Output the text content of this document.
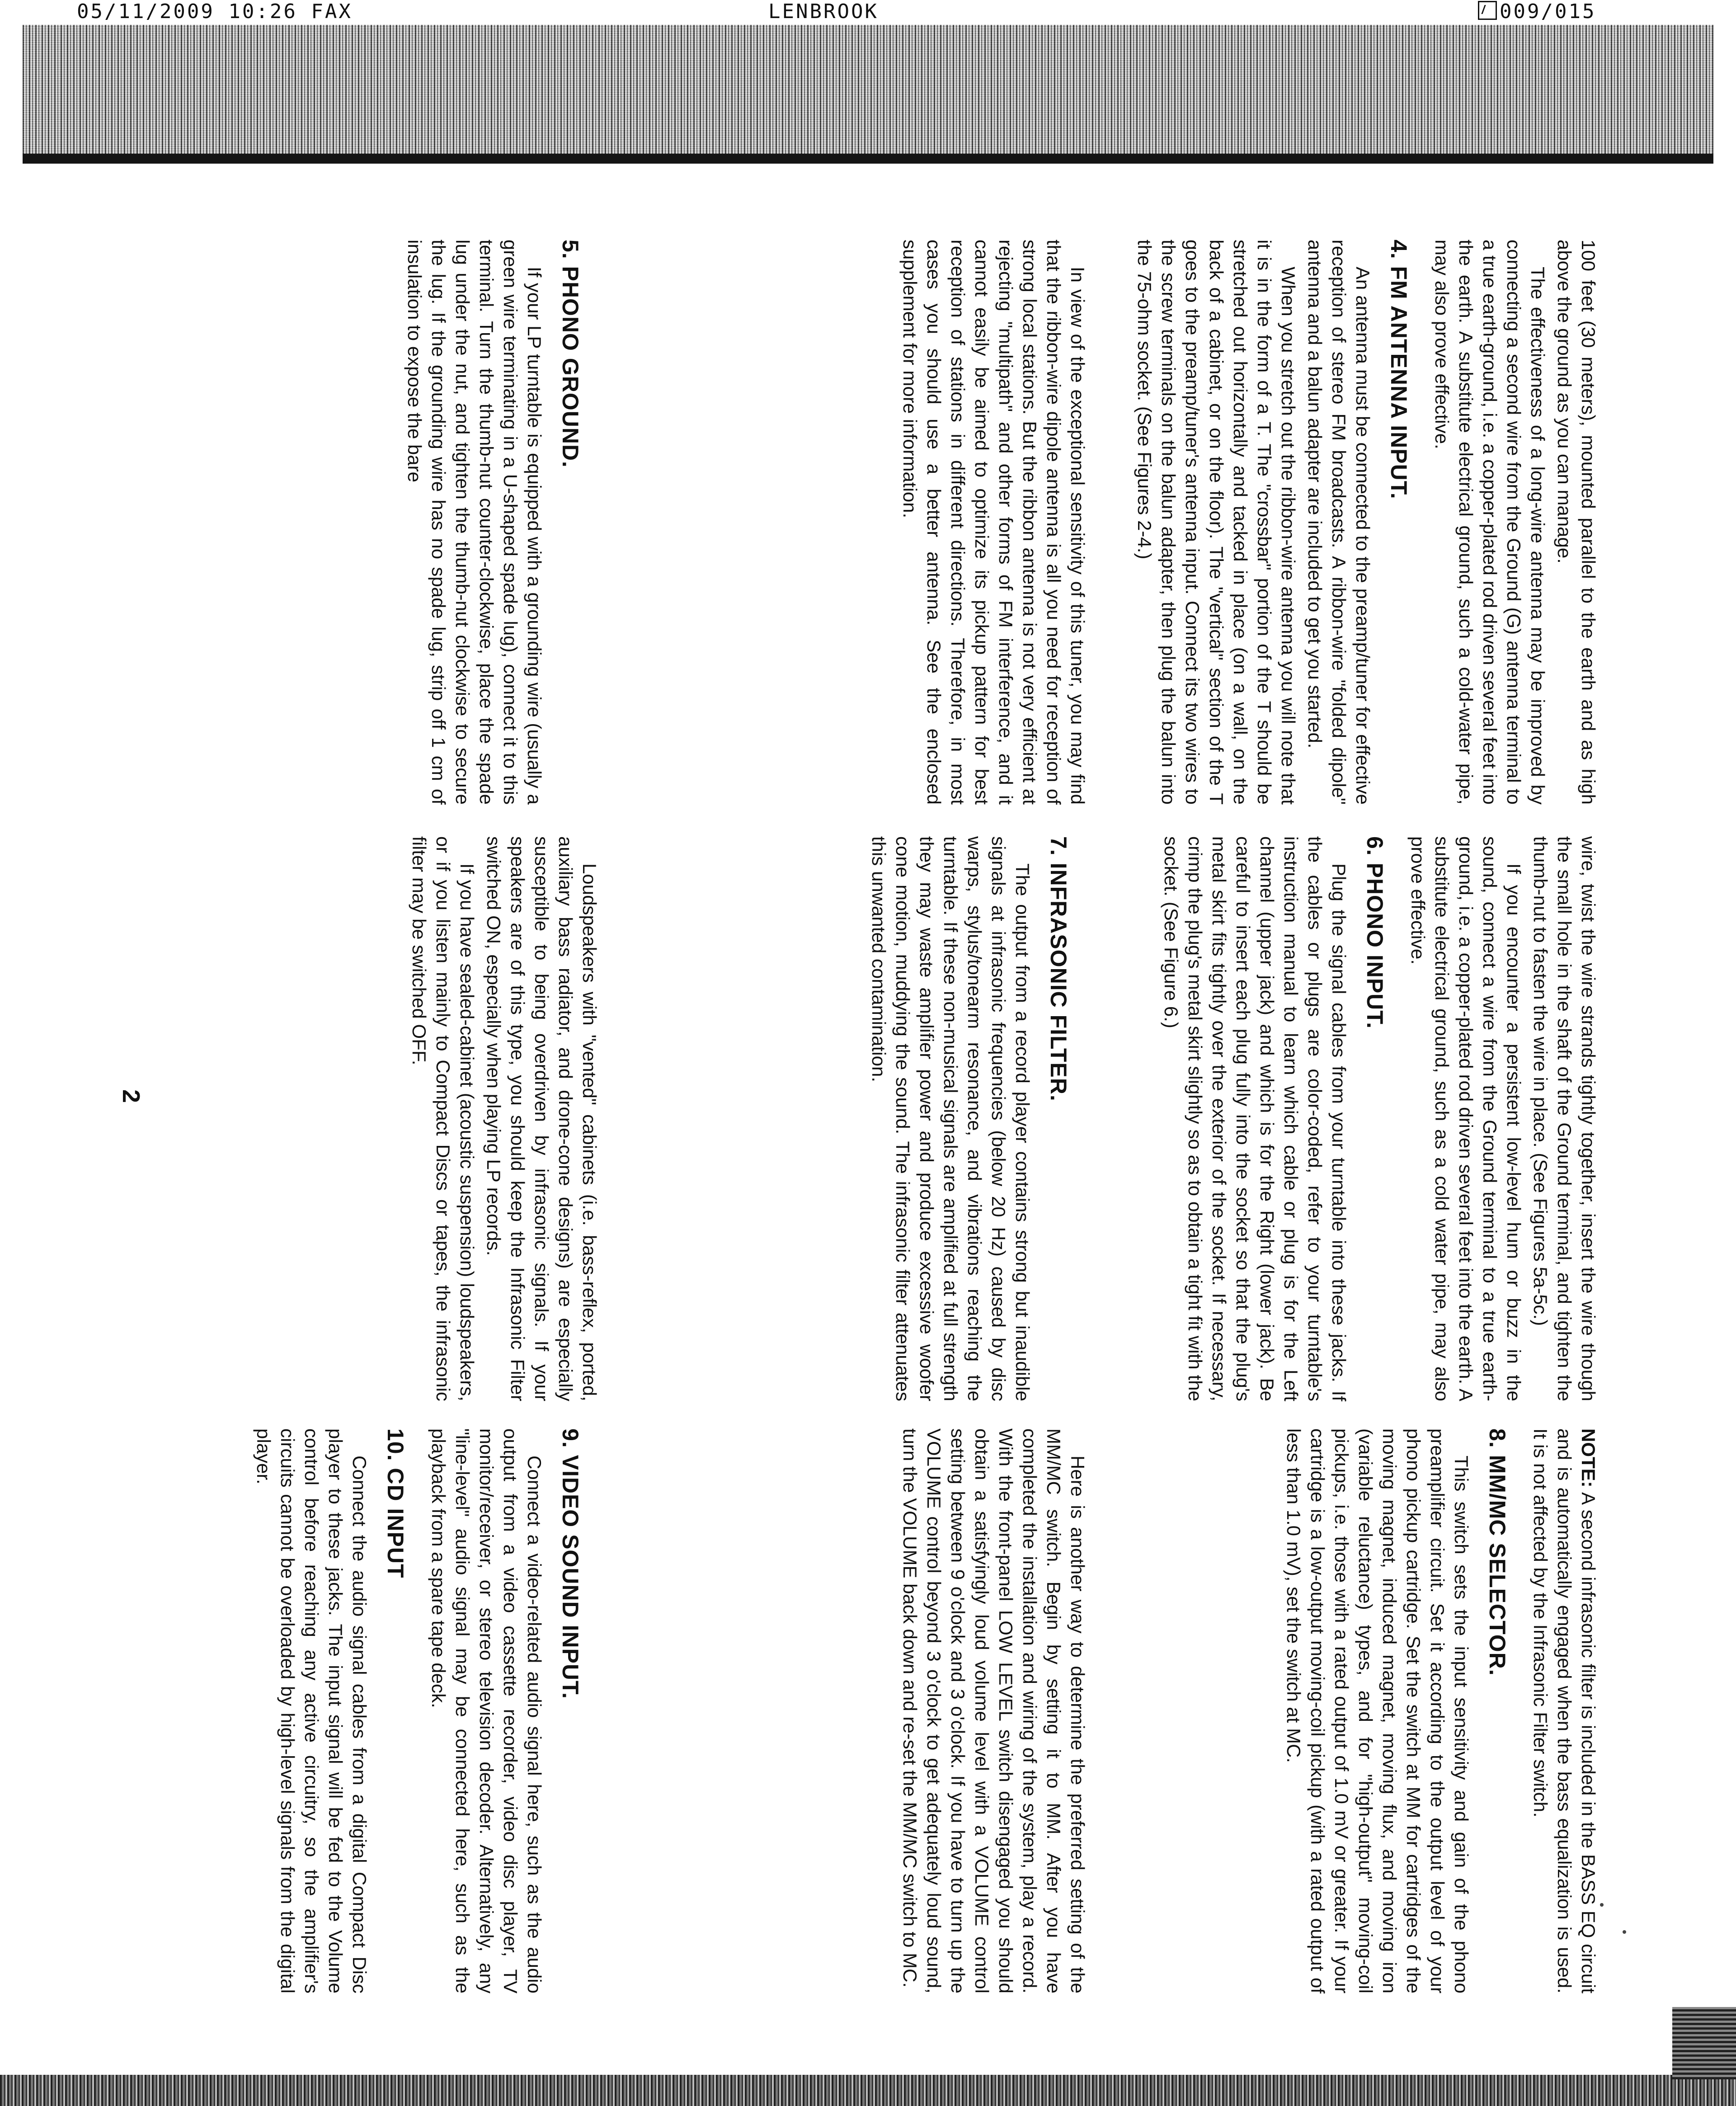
05/11/2009 10:26 FAX	LENBROOK	009/015

100 feet (30 meters), mounted parallel to the earth and as high above the ground as you can manage.

The effectiveness of a long-wire antenna may be improved by connecting a second wire from the Ground (G) antenna terminal to a true earth-ground, i.e. a copper-plated rod driven several feet into the earth. A substitute electrical ground, such a cold-water pipe, may also prove effective.

4. FM ANTENNA INPUT.

An antenna must be connected to the preamp/tuner for effective reception of stereo FM broadcasts. A ribbon-wire "folded dipole" antenna and a balun adapter are included to get you started.

When you stretch out the ribbon-wire antenna you will note that it is in the form of a T. The "crossbar" portion of the T should be stretched out horizontally and tacked in place (on a wall, on the back of a cabinet, or on the floor). The "vertical" section of the T goes to the preamp/tuner's antenna input. Connect its two wires to the screw terminals on the balun adapter, then plug the balun into the 75-ohm socket. (See Figures 2-4.)

wire, twist the wire strands tightly together, insert the wire though the small hole in the shaft of the Ground terminal, and tighten the thumb-nut to fasten the wire in place. (See Figures 5a-5c.)

If you encounter a persistent low-level hum or buzz in the sound, connect a wire from the Ground terminal to a true earth-ground, i.e. a copper-plated rod driven several feet into the earth. A substitute electrical ground, such as a cold water pipe, may also prove effective.

6. PHONO INPUT.

Plug the signal cables from your turntable into these jacks. If the cables or plugs are color-coded, refer to your turntable's instruction manual to learn which cable or plug is for the Left channel (upper jack) and which is for the Right (lower jack). Be careful to insert each plug fully into the socket so that the plug's metal skirt fits tightly over the exterior of the socket. If necessary, crimp the plug's metal skirt slightly so as to obtain a tight fit with the socket. (See Figure 6.)

NOTE: A second infrasonic filter is included in the BASS EQ circuit and is automatically engaged when the bass equalization is used. It is not affected by the Infrasonic Filter switch.

8. MM/MC SELECTOR.

This switch sets the input sensitivity and gain of the phono preamplifier circuit. Set it according to the output level of your phono pickup cartridge. Set the switch at MM for cartridges of the moving magnet, induced magnet, moving flux, and moving iron (variable reluctance) types, and for "high-output" moving-coil pickups, i.e. those with a rated output of 1.0 mV or greater. If your cartridge is a low-output moving-coil pickup (with a rated output of less than 1.0 mV), set the switch at MC.

In view of the exceptional sensitivity of this tuner, you may find that the ribbon-wire dipole antenna is all you need for reception of strong local stations. But the ribbon antenna is not very efficient at rejecting "multipath" and other forms of FM interference, and it cannot easily be aimed to optimize its pickup pattern for best reception of stations in different directions. Therefore, in most cases you should use a better antenna. See the enclosed supplement for more information.

7. INFRASONIC FILTER.

The output from a record player contains strong but inaudible signals at infrasonic frequencies (below 20 Hz) caused by disc warps, stylus/tonearm resonance, and vibrations reaching the turntable. If these non-musical signals are amplified at full strength they may waste amplifier power and produce excessive woofer cone motion, muddying the sound. The infrasonic filter attenuates this unwanted contamination.

Here is another way to determine the preferred setting of the MM/MC switch. Begin by setting it to MM. After you have completed the installation and wiring of the system, play a record. With the front-panel LOW LEVEL switch disengaged you should obtain a satisfyingly loud volume level with a VOLUME control setting between 9 o'clock and 3 o'clock. If you have to turn up the VOLUME control beyond 3 o'clock to get adequately loud sound, turn the VOLUME back down and re-set the MM/MC switch to MC.

5. PHONO GROUND.

If your LP turntable is equipped with a grounding wire (usually a green wire terminating in a U-shaped spade lug), connect it to this terminal. Turn the thumb-nut counter-clockwise, place the spade lug under the nut, and tighten the thumb-nut clockwise to secure the lug. If the grounding wire has no spade lug, strip off 1 cm of insulation to expose the bare

Loudspeakers with "vented" cabinets (i.e. bass-reflex, ported, auxiliary bass radiator, and drone-cone designs) are especially susceptible to being overdriven by infrasonic signals. If your speakers are of this type, you should keep the Infrasonic Filter switched ON, especially when playing LP records.

If you have sealed-cabinet (acoustic suspension) loudspeakers, or if you listen mainly to Compact Discs or tapes, the infrasonic filter may be switched OFF.

9. VIDEO SOUND INPUT.

Connect a video-related audio signal here, such as the audio output from a video cassette recorder, video disc player, TV monitor/receiver, or stereo television decoder. Alternatively, any "line-level" audio signal may be connected here, such as the playback from a spare tape deck.

10. CD INPUT

Connect the audio signal cables from a digital Compact Disc player to these jacks. The input signal will be fed to the Volume control before reaching any active circuitry, so the amplifier's circuits cannot be overloaded by high-level signals from the digital player.

2
